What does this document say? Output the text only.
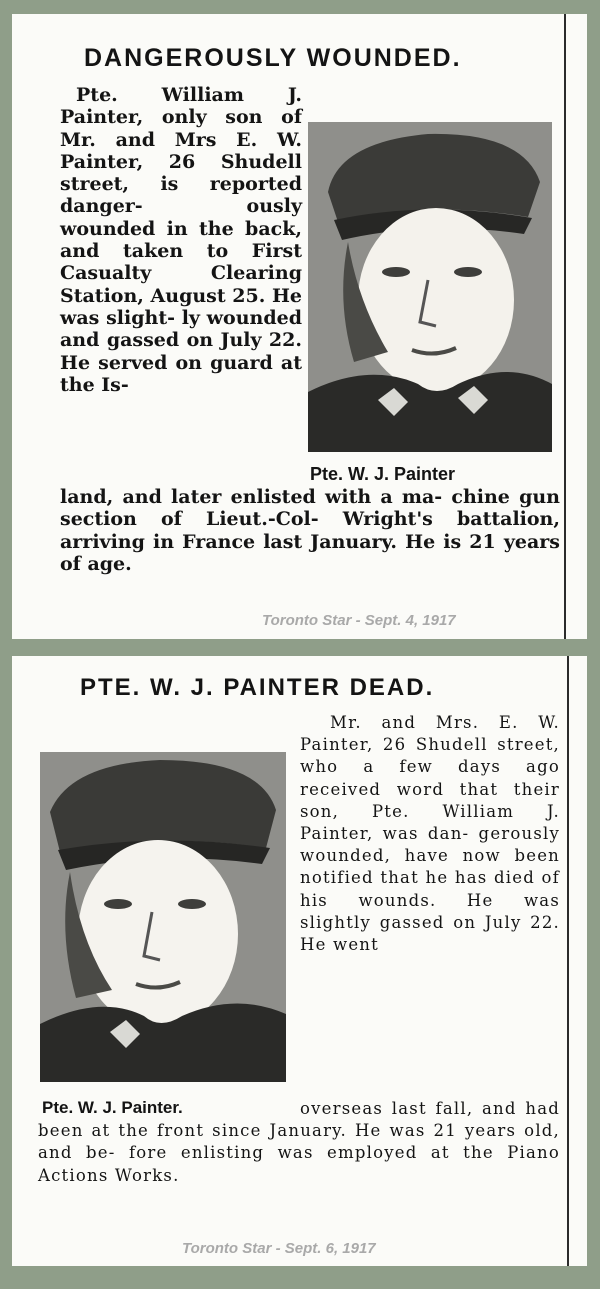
DANGEROUSLY WOUNDED.
Pte. William J. Painter, only son of Mr. and Mrs E. W. Painter, 26 Shudell street, is reported danger- ously wounded in the back, and taken to First Casualty Clearing Station, August 25. He was slight- ly wounded and gassed on July 22. He served on guard at the Is-
Pte. W. J. Painter
land, and later enlisted with a ma- chine gun section of Lieut.-Col- Wright's battalion, arriving in France last January. He is 21 years of age.
Toronto Star - Sept. 4, 1917
PTE. W. J. PAINTER DEAD.
Mr. and Mrs. E. W. Painter, 26 Shudell street, who a few days ago received word that their son, Pte. William J. Painter, was dan- gerously wounded, have now been notified that he has died of his wounds. He was slightly gassed on July 22. He went
Pte. W. J. Painter.	overseas last fall, and had been at the front since January. He was 21 years old, and be- fore enlisting was employed at the Piano Actions Works.
Toronto Star - Sept. 6, 1917
